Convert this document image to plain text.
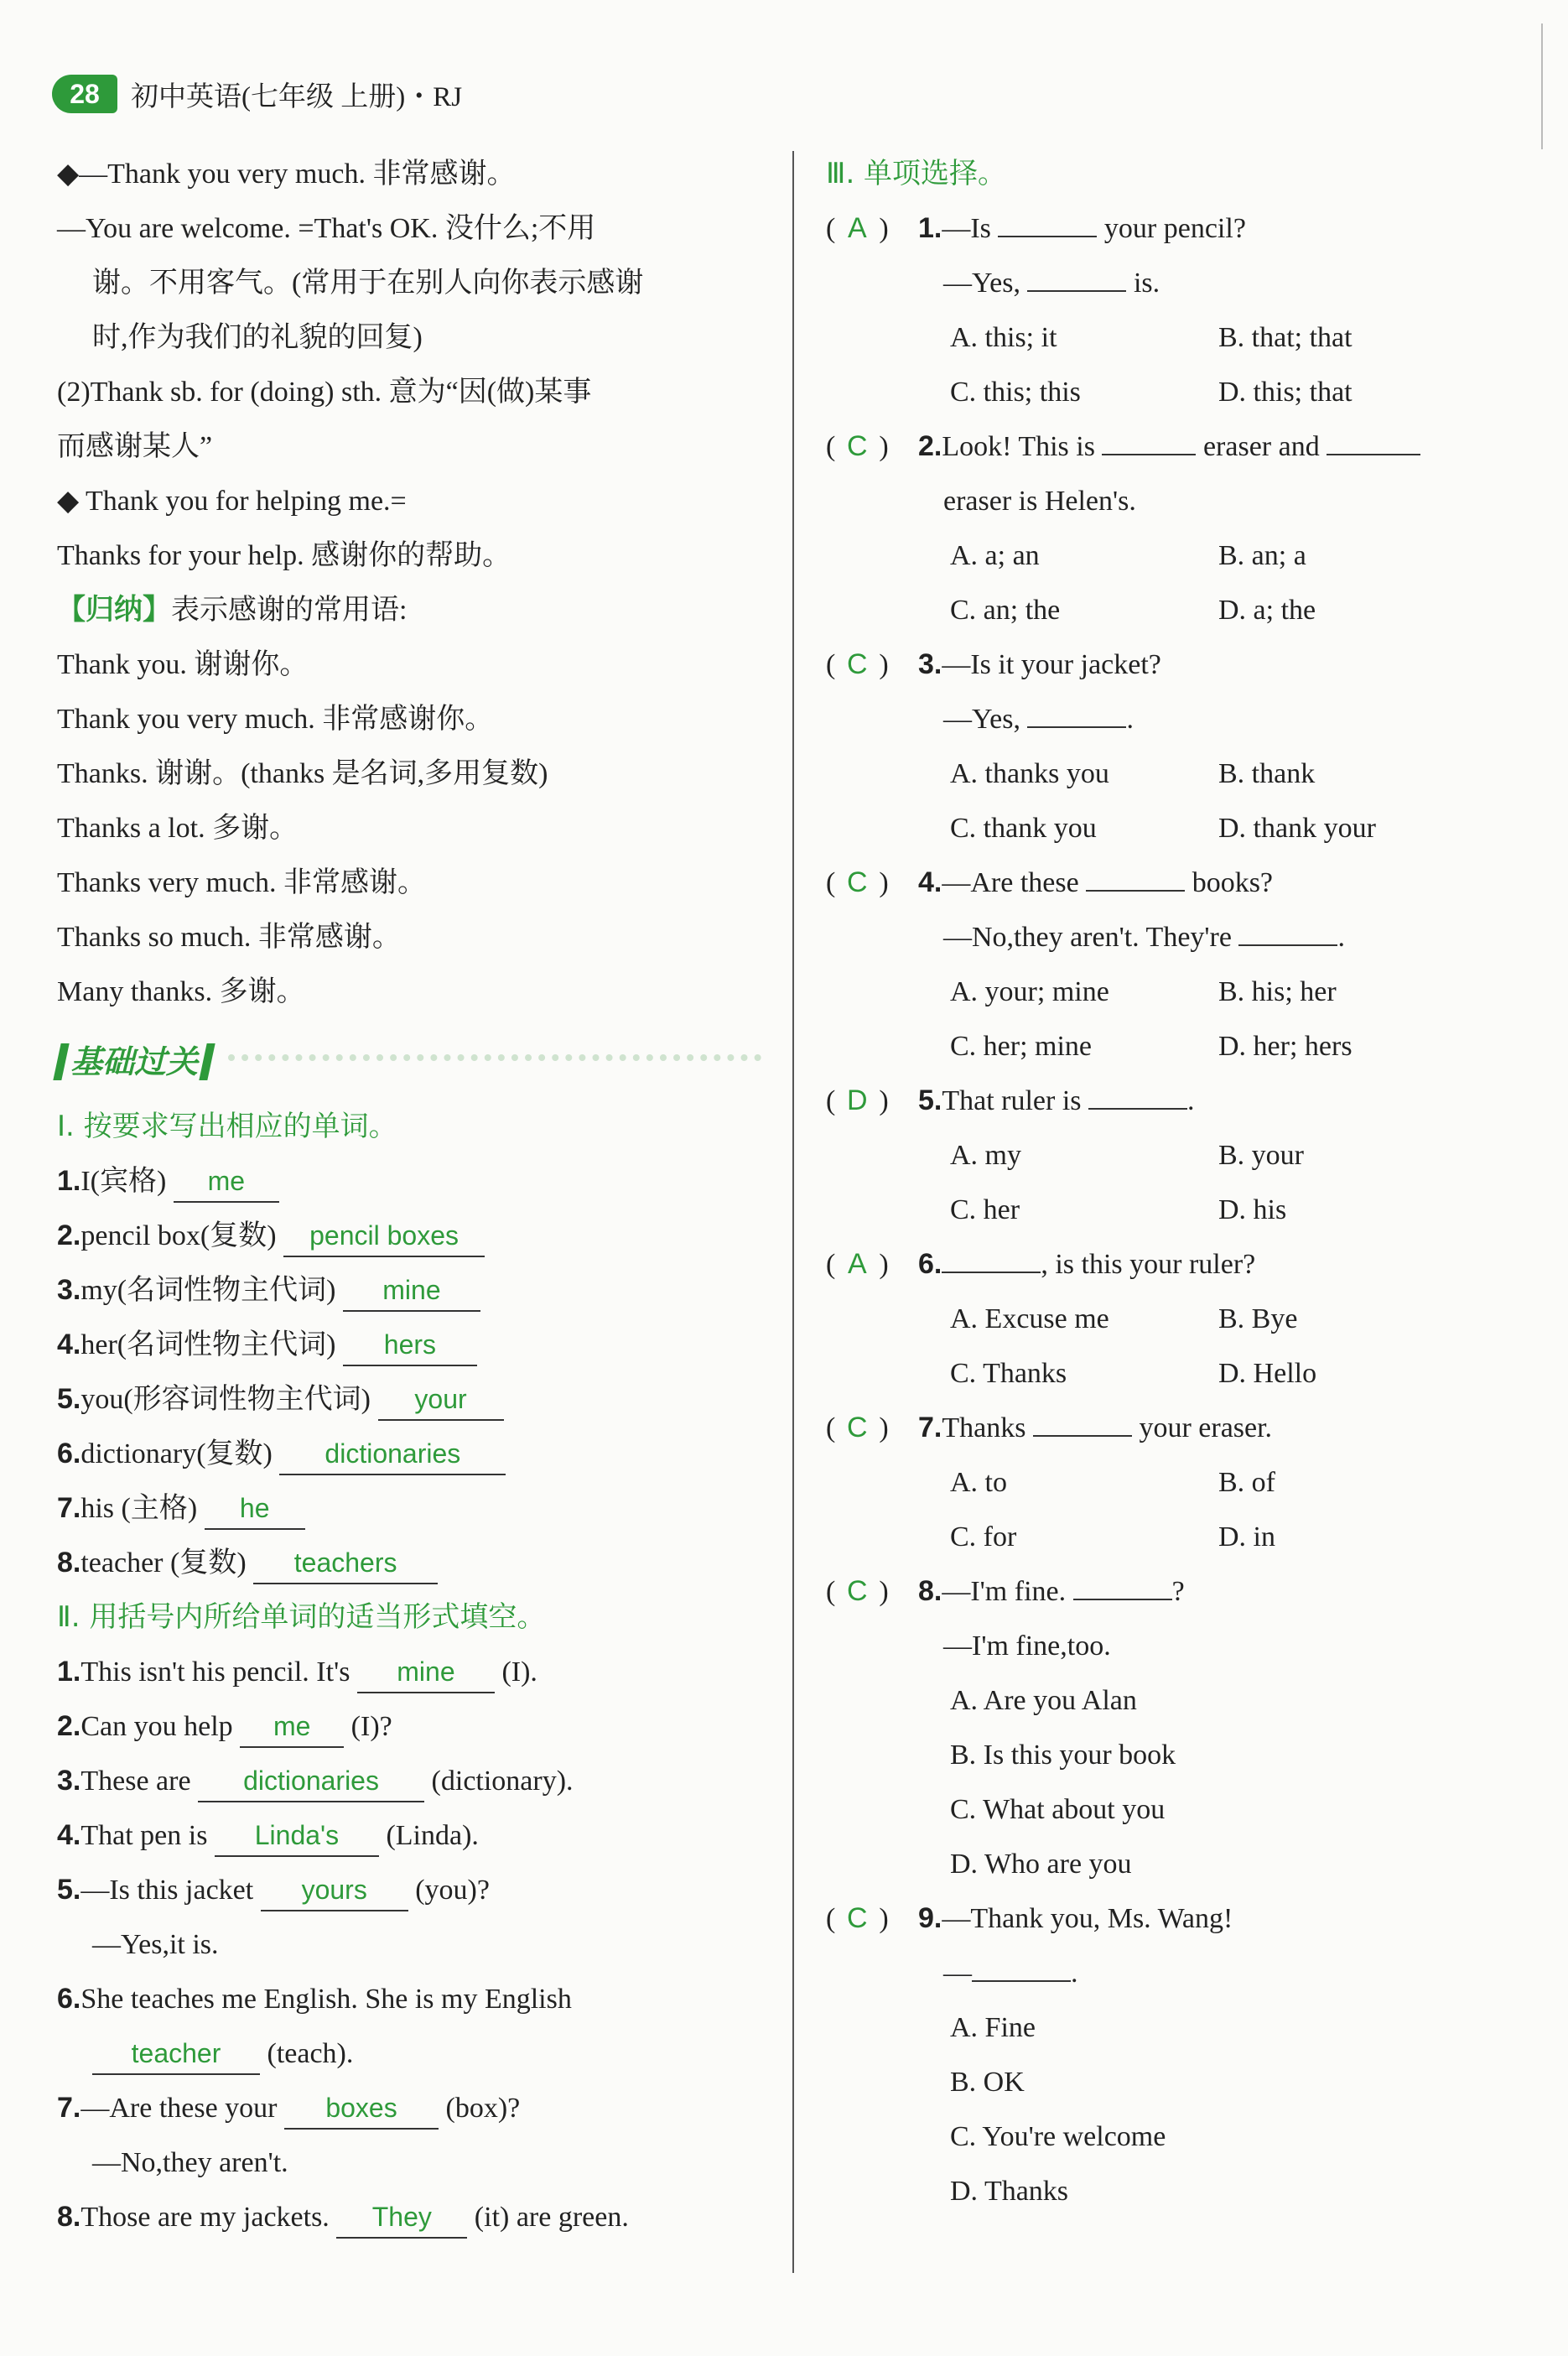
28	初中英语(七年级 上册)・RJ
◆—Thank you very much. 非常感谢。
—You are welcome. =That's OK. 没什么;不用
谢。不用客气。(常用于在别人向你表示感谢
时,作为我们的礼貌的回复)
(2)Thank sb. for (doing) sth. 意为“因(做)某事
而感谢某人”
◆ Thank you for helping me.=
Thanks for your help. 感谢你的帮助。
【归纳】表示感谢的常用语:
Thank you. 谢谢你。
Thank you very much. 非常感谢你。
Thanks. 谢谢。(thanks 是名词,多用复数)
Thanks a lot. 多谢。
Thanks very much. 非常感谢。
Thanks so much. 非常感谢。
Many thanks. 多谢。
基础过关
Ⅰ. 按要求写出相应的单词。
1.I(宾格) me
2.pencil box(复数) pencil boxes
3.my(名词性物主代词) mine
4.her(名词性物主代词) hers
5.you(形容词性物主代词) your
6.dictionary(复数) dictionaries
7.his (主格) he
8.teacher (复数) teachers
Ⅱ. 用括号内所给单词的适当形式填空。
1.This isn't his pencil. It's mine (I).
2.Can you help me (I)?
3.These are dictionaries (dictionary).
4.That pen is Linda's (Linda).
5.—Is this jacket yours (you)?
—Yes,it is.
6.She teaches me English. She is my English
teacher (teach).
7.—Are these your boxes (box)?
—No,they aren't.
8.Those are my jackets. They (it) are green.
Ⅲ. 单项选择。
( A )	1. —Is

	your pencil?
—Yes,	is.
A. this; it	B. that; that
C. this; this	D. this; that
( C )	2. Look! This is

	eraser and

eraser is Helen's.
A. a; an	B. an; a
C. an; the	D. a; the
( C )	3. —Is it your jacket?
—Yes,	.
A. thanks you	B. thank
C. thank you	D. thank your
( C )	4. —Are these

	books?
—No,they aren't. They're	.
A. your; mine	B. his; her
C. her; mine	D. her; hers
( D )	5. That ruler is
	.
A. my	B. your
C. her	D. his
( A )	6.	, is this your ruler?
A. Excuse me	B. Bye
C. Thanks	D. Hello
( C )	7. Thanks

	your eraser.
A. to	B. of
C. for	D. in
( C )	8. —I'm fine.
	?
—I'm fine,too.
A. Are you Alan
B. Is this your book
C. What about you
D. Who are you
( C )	9. —Thank you, Ms. Wang!
—	.
A. Fine
B. OK
C. You're welcome
D. Thanks
